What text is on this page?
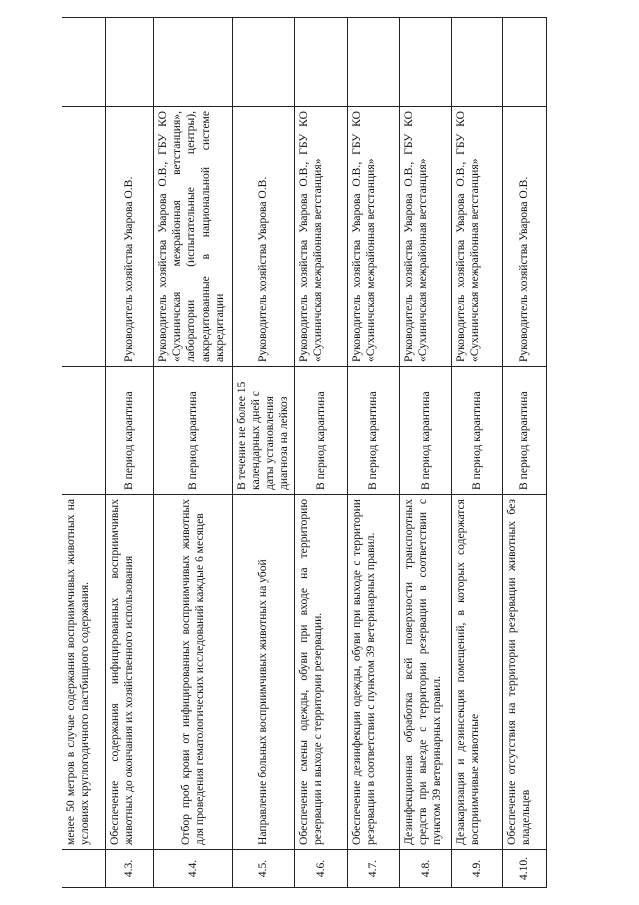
	менее 50 метров в случае содержания восприимчивых животных на условиях круглогодичного пастбищного содержания.			
4.3.	Обеспечение содержания инфицированных восприимчивых животных до окончания их хозяйственного использования	В период карантина	Руководитель хозяйства Уварова О.В.	
4.4.	Отбор проб крови от инфицированных восприимчивых животных для проведения гематологических исследований каждые 6 месяцев	В период карантина	Руководитель хозяйства Уварова О.В., ГБУ КО «Сухиничская межрайонная ветстанция», лаборатории (испытательные центры), аккредитованные в национальной системе аккредитации	
4.5.	Направление больных восприимчивых животных на убой	В течение не более 15 календарных дней с даты установления диагноза на лейкоз	Руководитель хозяйства Уварова О.В.	
4.6.	Обеспечение смены одежды, обуви при входе на территорию резервации и выходе с территории резервации.	В период карантина	Руководитель хозяйства Уварова О.В., ГБУ КО «Сухиничская межрайонная ветстанция»	
4.7.	Обеспечение дезинфекции одежды, обуви при выходе с территории резервации в соответствии с пунктом 39 ветеринарных правил.	В период карантина	Руководитель хозяйства Уварова О.В., ГБУ КО «Сухиничская межрайонная ветстанция»	
4.8.	Дезинфекционная обработка всей поверхности транспортных средств при выезде с территории резервации в соответствии с пунктом 39 ветеринарных правил.	В период карантина	Руководитель хозяйства Уварова О.В., ГБУ КО «Сухиничская межрайонная ветстанция»	
4.9.	Дезакаризация и дезинсекция помещений, в которых содержатся восприимчивые животные	В период карантина	Руководитель хозяйства Уварова О.В., ГБУ КО «Сухиничская межрайонная ветстанция»	
4.10.	Обеспечение отсутствия на территории резервации животных без владельцев	В период карантина	Руководитель хозяйства Уварова О.В.	
